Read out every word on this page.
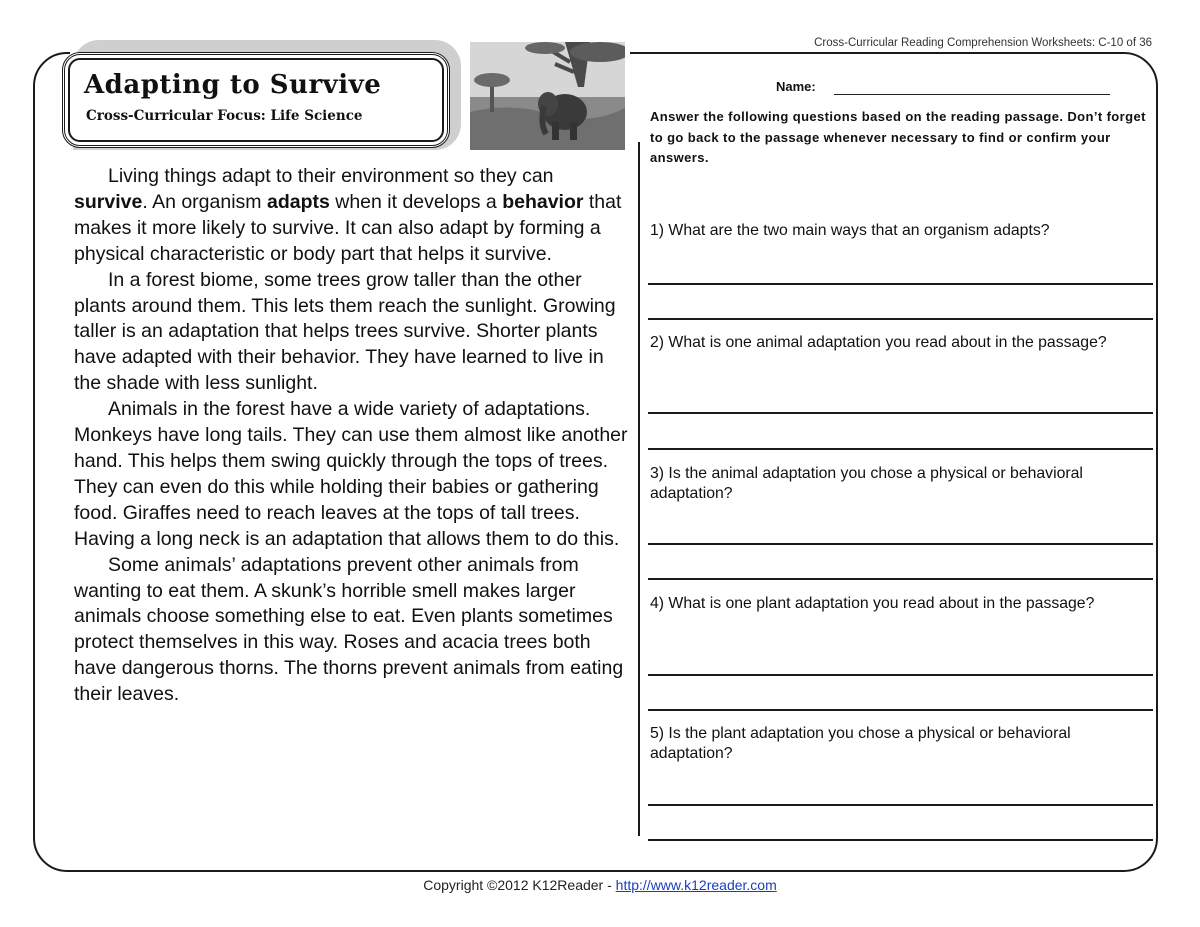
Cross-Curricular Reading Comprehension Worksheets: C-10 of 36
Adapting to Survive
Cross-Curricular Focus: Life Science

Living things adapt to their environment so they can survive. An organism adapts when it develops a behavior that makes it more likely to survive. It can also adapt by forming a physical characteristic or body part that helps it survive.

In a forest biome, some trees grow taller than the other plants around them. This lets them reach the sunlight. Growing taller is an adaptation that helps trees survive. Shorter plants have adapted with their behavior. They have learned to live in the shade with less sunlight.

Animals in the forest have a wide variety of adaptations. Monkeys have long tails. They can use them almost like another hand. This helps them swing quickly through the tops of trees. They can even do this while holding their babies or gathering food. Giraffes need to reach leaves at the tops of tall trees. Having a long neck is an adaptation that allows them to do this.

Some animals’ adaptations prevent other animals from wanting to eat them. A skunk’s horrible smell makes larger animals choose something else to eat. Even plants sometimes protect themselves in this way. Roses and acacia trees both have dangerous thorns. The thorns prevent animals from eating their leaves.

Name:
Answer the following questions based on the reading passage. Don’t forget to go back to the passage whenever necessary to find or confirm your answers.
1) What are the two main ways that an organism adapts?
2) What is one animal adaptation you read about in the passage?
3) Is the animal adaptation you chose a physical or behavioral adaptation?
4) What is one plant adaptation you read about in the passage?
5) Is the plant adaptation you chose a physical or behavioral adaptation?
Copyright ©2012 K12Reader - http://www.k12reader.com
